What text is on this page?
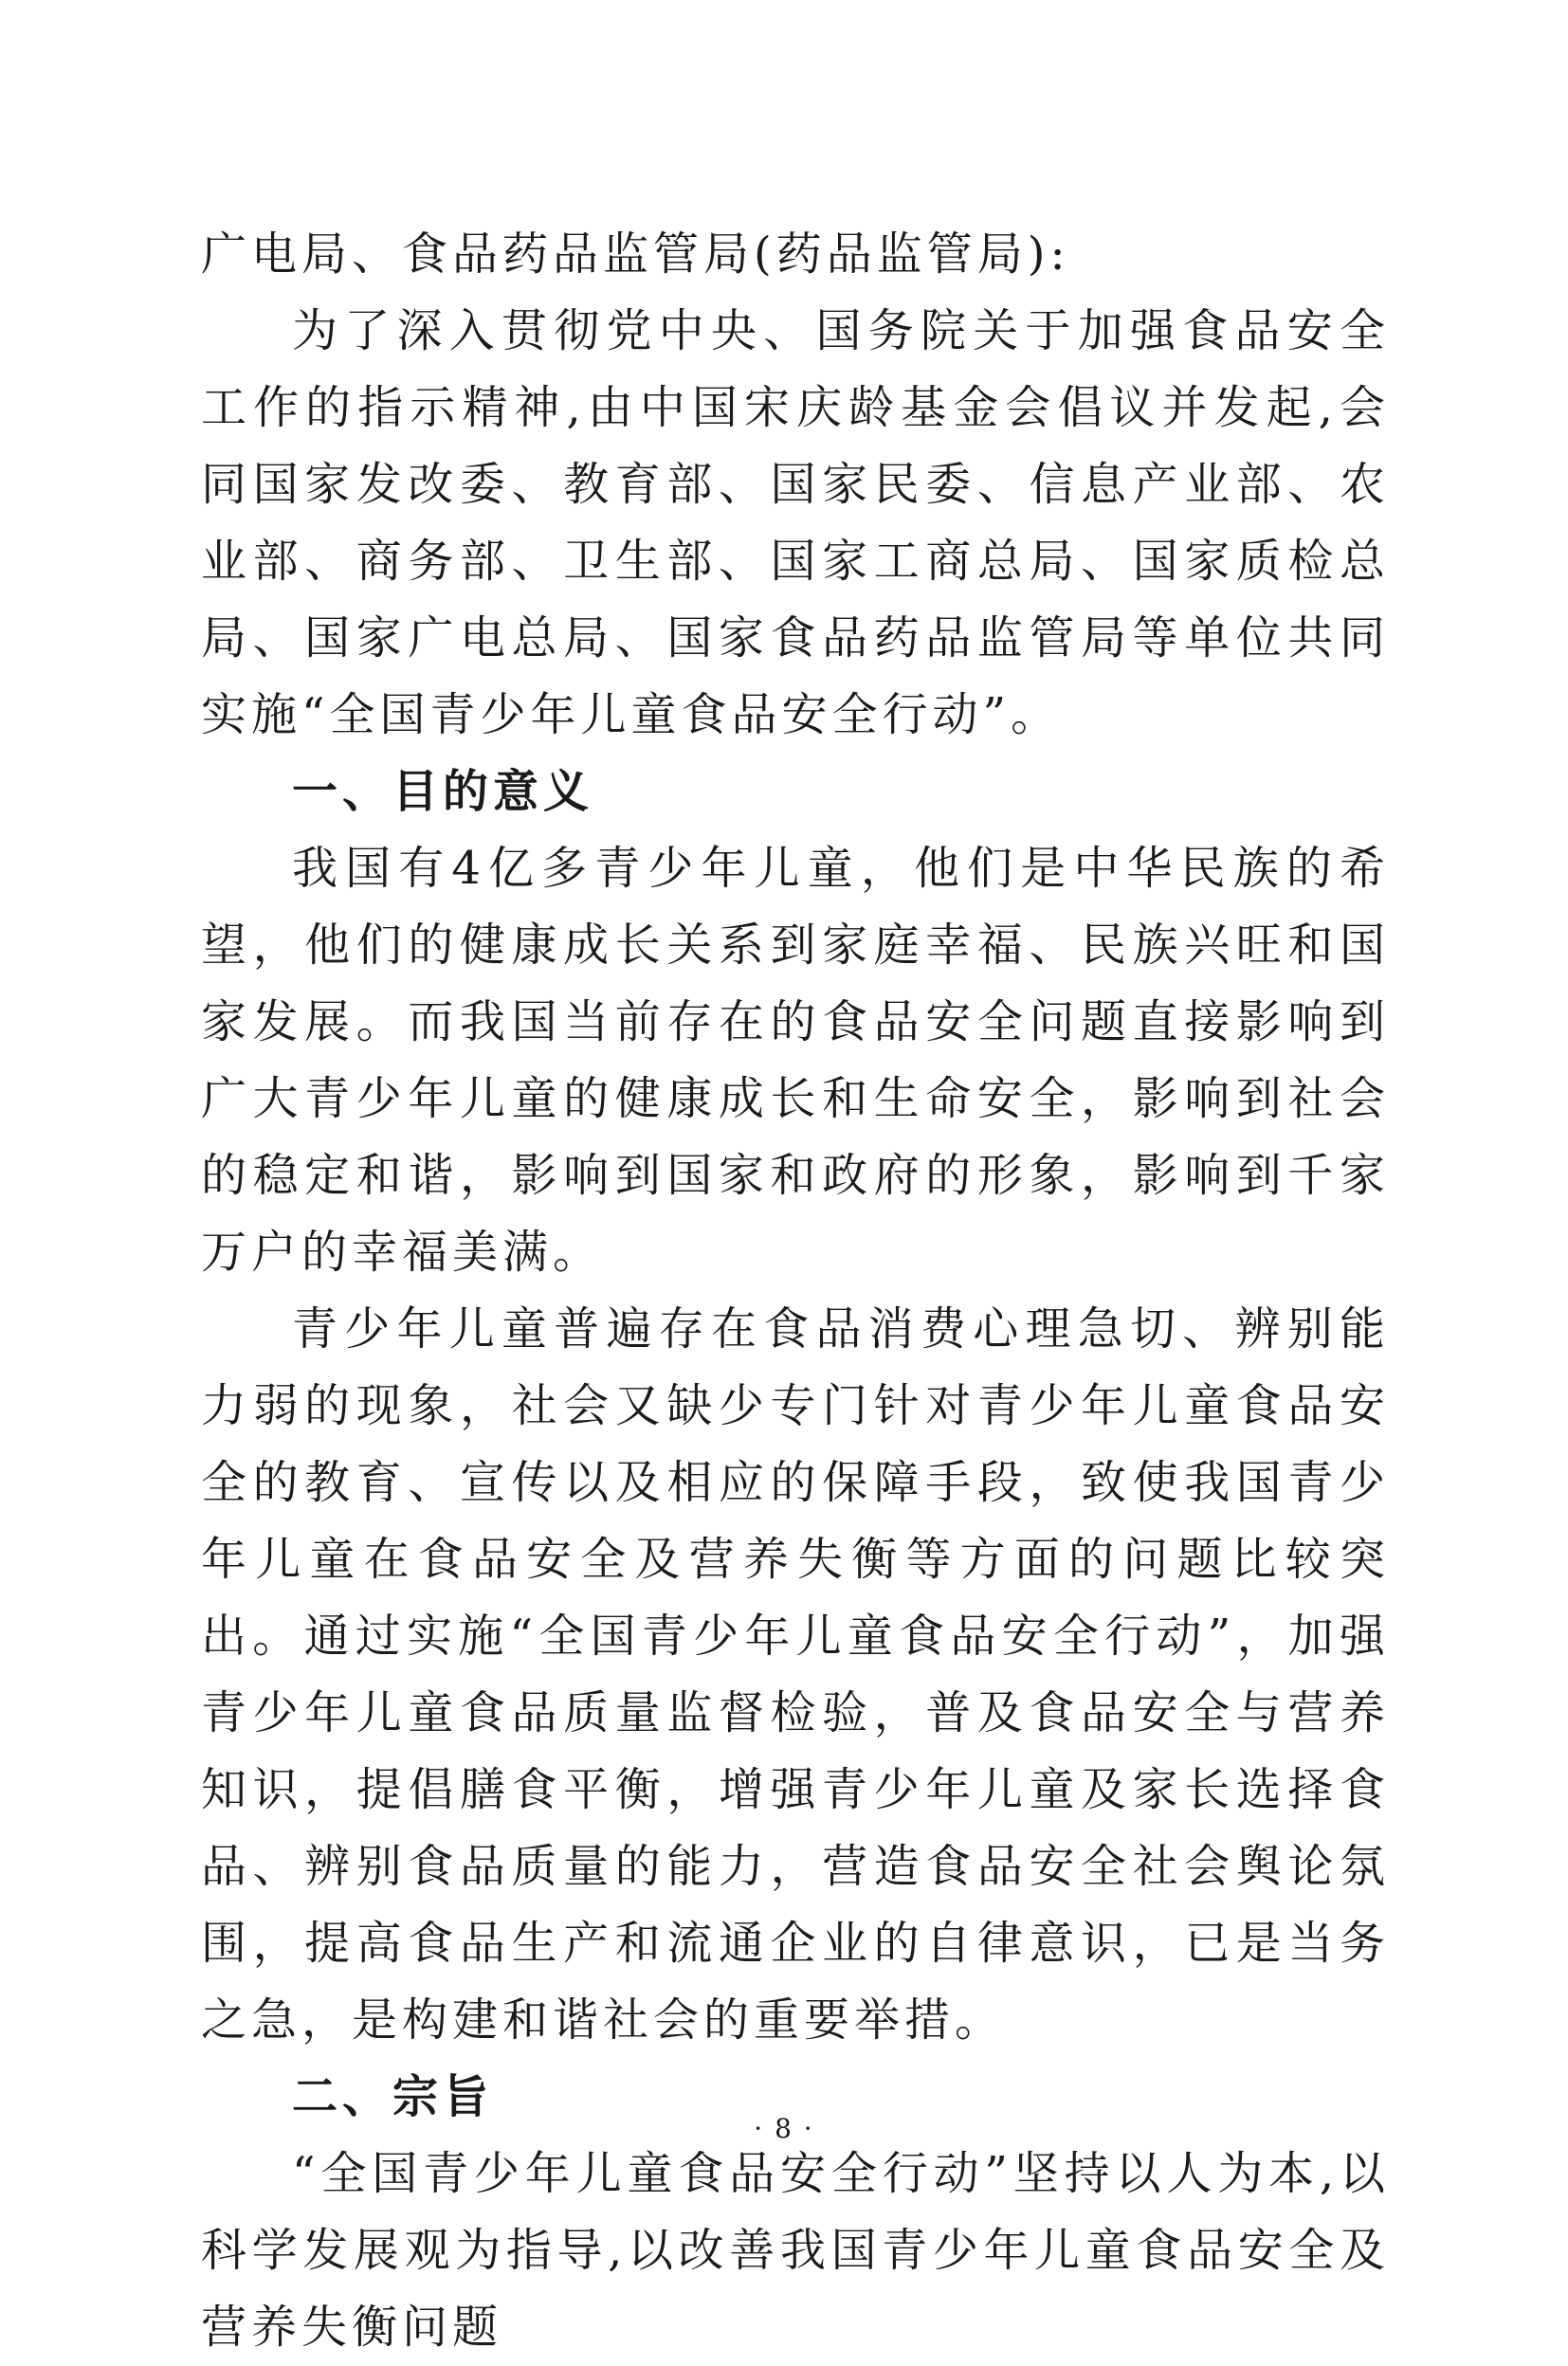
广电局、食品药品监管局(药品监管局):

为了深入贯彻党中央、国务院关于加强食品安全工作的指示精神,由中国宋庆龄基金会倡议并发起,会同国家发改委、教育部、国家民委、信息产业部、农业部、商务部、卫生部、国家工商总局、国家质检总局、国家广电总局、国家食品药品监管局等单位共同实施“全国青少年儿童食品安全行动”。

一、目的意义

我国有4亿多青少年儿童，他们是中华民族的希望，他们的健康成长关系到家庭幸福、民族兴旺和国家发展。而我国当前存在的食品安全问题直接影响到广大青少年儿童的健康成长和生命安全，影响到社会的稳定和谐，影响到国家和政府的形象，影响到千家万户的幸福美满。

青少年儿童普遍存在食品消费心理急切、辨别能力弱的现象，社会又缺少专门针对青少年儿童食品安全的教育、宣传以及相应的保障手段，致使我国青少年儿童在食品安全及营养失衡等方面的问题比较突出。通过实施“全国青少年儿童食品安全行动”，加强青少年儿童食品质量监督检验，普及食品安全与营养知识，提倡膳食平衡，增强青少年儿童及家长选择食品、辨别食品质量的能力，营造食品安全社会舆论氛围，提高食品生产和流通企业的自律意识，已是当务之急，是构建和谐社会的重要举措。

二、宗旨

“全国青少年儿童食品安全行动”坚持以人为本,以科学发展观为指导,以改善我国青少年儿童食品安全及营养失衡问题

· 8 ·
